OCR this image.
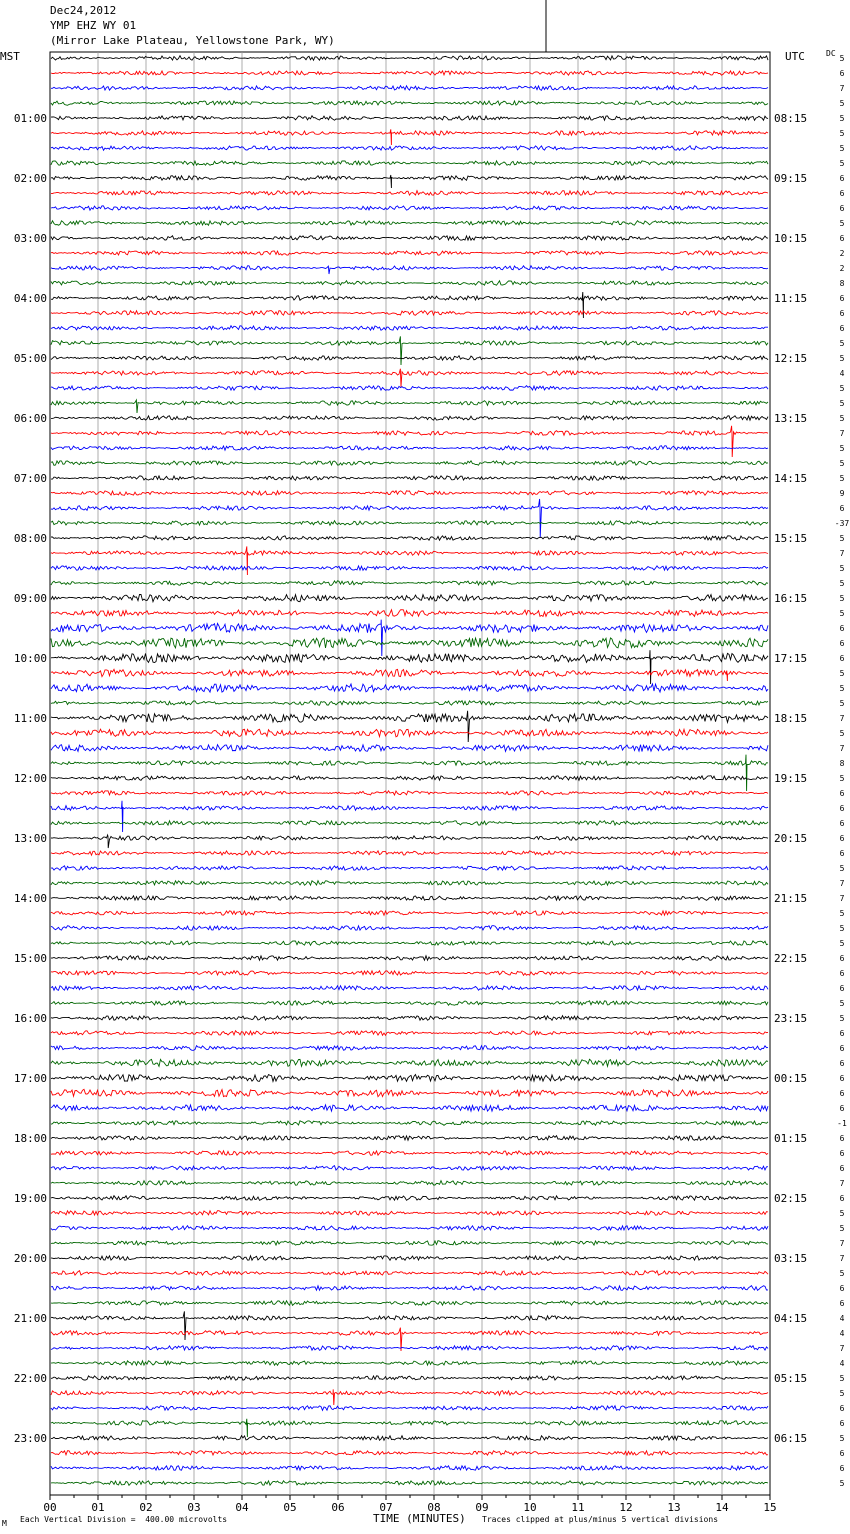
Dec24,2012
YMP EHZ WY 01
(Mirror Lake Plateau, Yellowstone Park, WY)
MST	UTC	DC
00	01	02	03	04	05	06	07	08	09	10	11	12	13	14	15
5
6
7
5
5
5
5
5
6
6
6
5
6
2
2
8
6
6
6
5
5
4
5
5
5
7
5
5
5
9
6
-37
5
7
5
5
5
5
6
6
6
5
5
5
7
5
7
8
5
6
6
6
6
6
5
7
7
5
5
5
6
6
6
5
5
6
6
6
6
6
6
-1
6
6
6
7
6
5
5
7
7
5
6
6
4
4
7
4
5
5
6
6
5
6
6
5
01:00	08:15
02:00	09:15
03:00	10:15
04:00	11:15
05:00	12:15
06:00	13:15
07:00	14:15
08:00	15:15
09:00	16:15
10:00	17:15
11:00	18:15
12:00	19:15
13:00	20:15
14:00	21:15
15:00	22:15
16:00	23:15
17:00	00:15
18:00	01:15
19:00	02:15
20:00	03:15
21:00	04:15
22:00	05:15
23:00	06:15
M Each Vertical Division =  400.00 microvolts	TIME (MINUTES) Traces clipped at plus/minus 5 vertical divisions
